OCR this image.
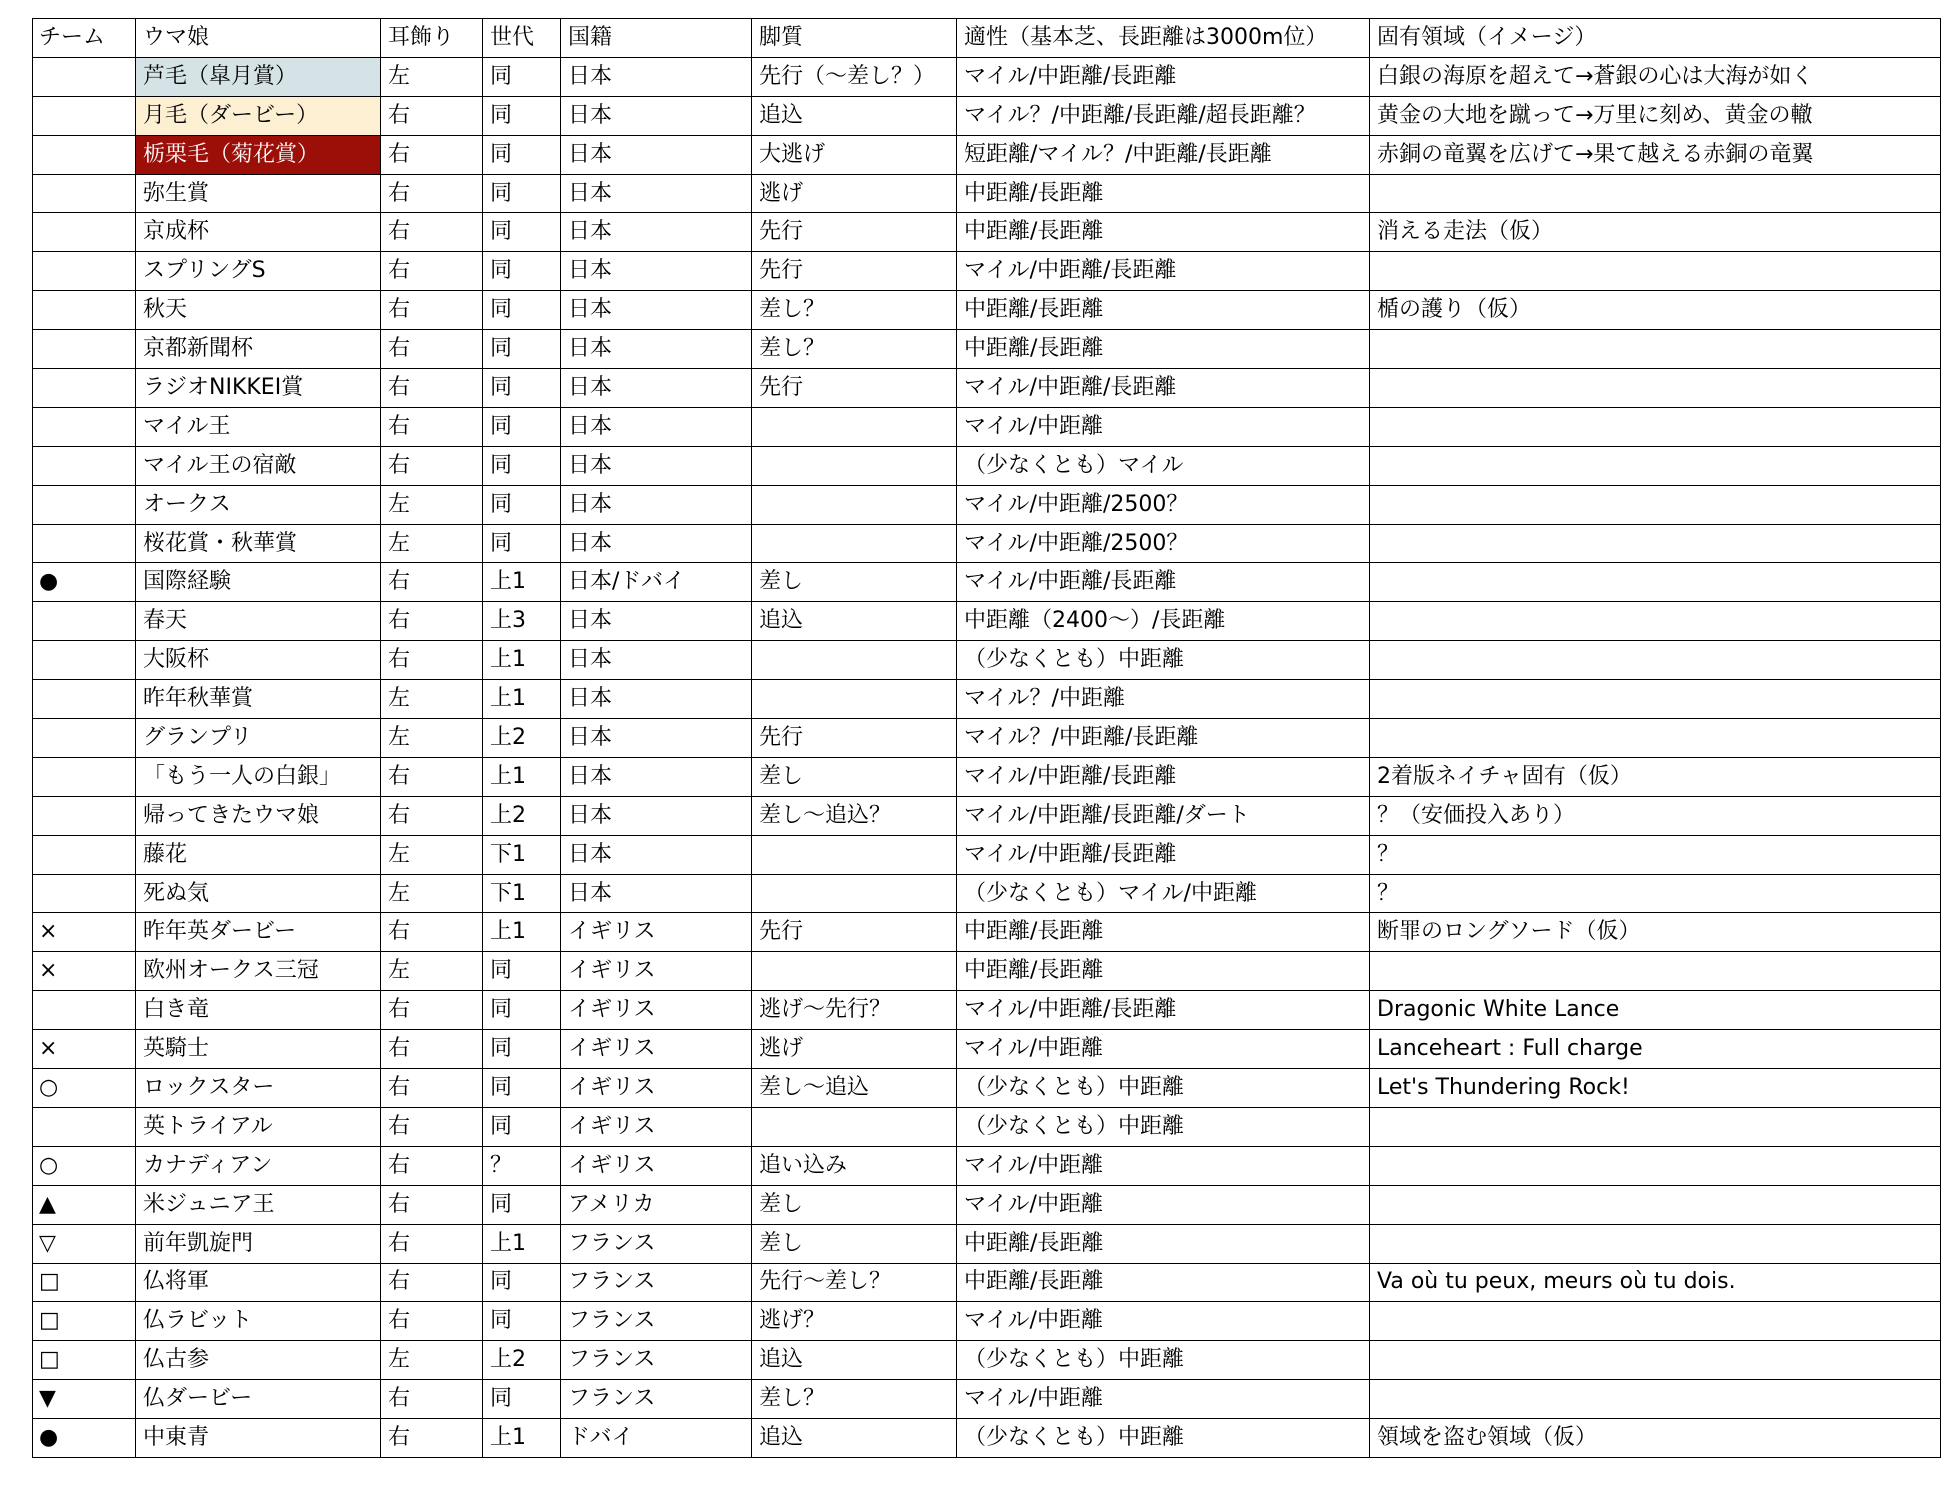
チーム	ウマ娘	耳飾り	世代	国籍	脚質	適性（基本芝、長距離は3000m位）	固有領域（イメージ）
	芦毛（皐月賞）	左	同	日本	先行（～差し？）	マイル/中距離/長距離	白銀の海原を超えて→蒼銀の心は大海が如く
	月毛（ダービー）	右	同	日本	追込	マイル？/中距離/長距離/超長距離？	黄金の大地を蹴って→万里に刻め、黄金の轍
	栃栗毛（菊花賞）	右	同	日本	大逃げ	短距離/マイル？/中距離/長距離	赤銅の竜翼を広げて→果て越える赤銅の竜翼
	弥生賞	右	同	日本	逃げ	中距離/長距離	
	京成杯	右	同	日本	先行	中距離/長距離	消える走法（仮）
	スプリングS	右	同	日本	先行	マイル/中距離/長距離	
	秋天	右	同	日本	差し？	中距離/長距離	楯の護り（仮）
	京都新聞杯	右	同	日本	差し？	中距離/長距離	
	ラジオNIKKEI賞	右	同	日本	先行	マイル/中距離/長距離	
	マイル王	右	同	日本		マイル/中距離	
	マイル王の宿敵	右	同	日本		（少なくとも）マイル	
	オークス	左	同	日本		マイル/中距離/2500？	
	桜花賞・秋華賞	左	同	日本		マイル/中距離/2500？	
●	国際経験	右	上1	日本/ドバイ	差し	マイル/中距離/長距離	
	春天	右	上3	日本	追込	中距離（2400～）/長距離	
	大阪杯	右	上1	日本		（少なくとも）中距離	
	昨年秋華賞	左	上1	日本		マイル？/中距離	
	グランプリ	左	上2	日本	先行	マイル？/中距離/長距離	
	「もう一人の白銀」	右	上1	日本	差し	マイル/中距離/長距離	2着版ネイチャ固有（仮）
	帰ってきたウマ娘	右	上2	日本	差し～追込？	マイル/中距離/長距離/ダート	？（安価投入あり）
	藤花	左	下1	日本		マイル/中距離/長距離	？
	死ぬ気	左	下1	日本		（少なくとも）マイル/中距離	？
×	昨年英ダービー	右	上1	イギリス	先行	中距離/長距離	断罪のロングソード（仮）
×	欧州オークス三冠	左	同	イギリス		中距離/長距離	
	白き竜	右	同	イギリス	逃げ～先行？	マイル/中距離/長距離	Dragonic White Lance
×	英騎士	右	同	イギリス	逃げ	マイル/中距離	Lanceheart : Full charge
○	ロックスター	右	同	イギリス	差し～追込	（少なくとも）中距離	Let's Thundering Rock!
	英トライアル	右	同	イギリス		（少なくとも）中距離	
○	カナディアン	右	？	イギリス	追い込み	マイル/中距離	
▲	米ジュニア王	右	同	アメリカ	差し	マイル/中距離	
▽	前年凱旋門	右	上1	フランス	差し	中距離/長距離	
□	仏将軍	右	同	フランス	先行～差し？	中距離/長距離	Va où tu peux, meurs où tu dois.
□	仏ラビット	右	同	フランス	逃げ？	マイル/中距離	
□	仏古参	左	上2	フランス	追込	（少なくとも）中距離	
▼	仏ダービー	右	同	フランス	差し？	マイル/中距離	
●	中東青	右	上1	ドバイ	追込	（少なくとも）中距離	領域を盗む領域（仮）
